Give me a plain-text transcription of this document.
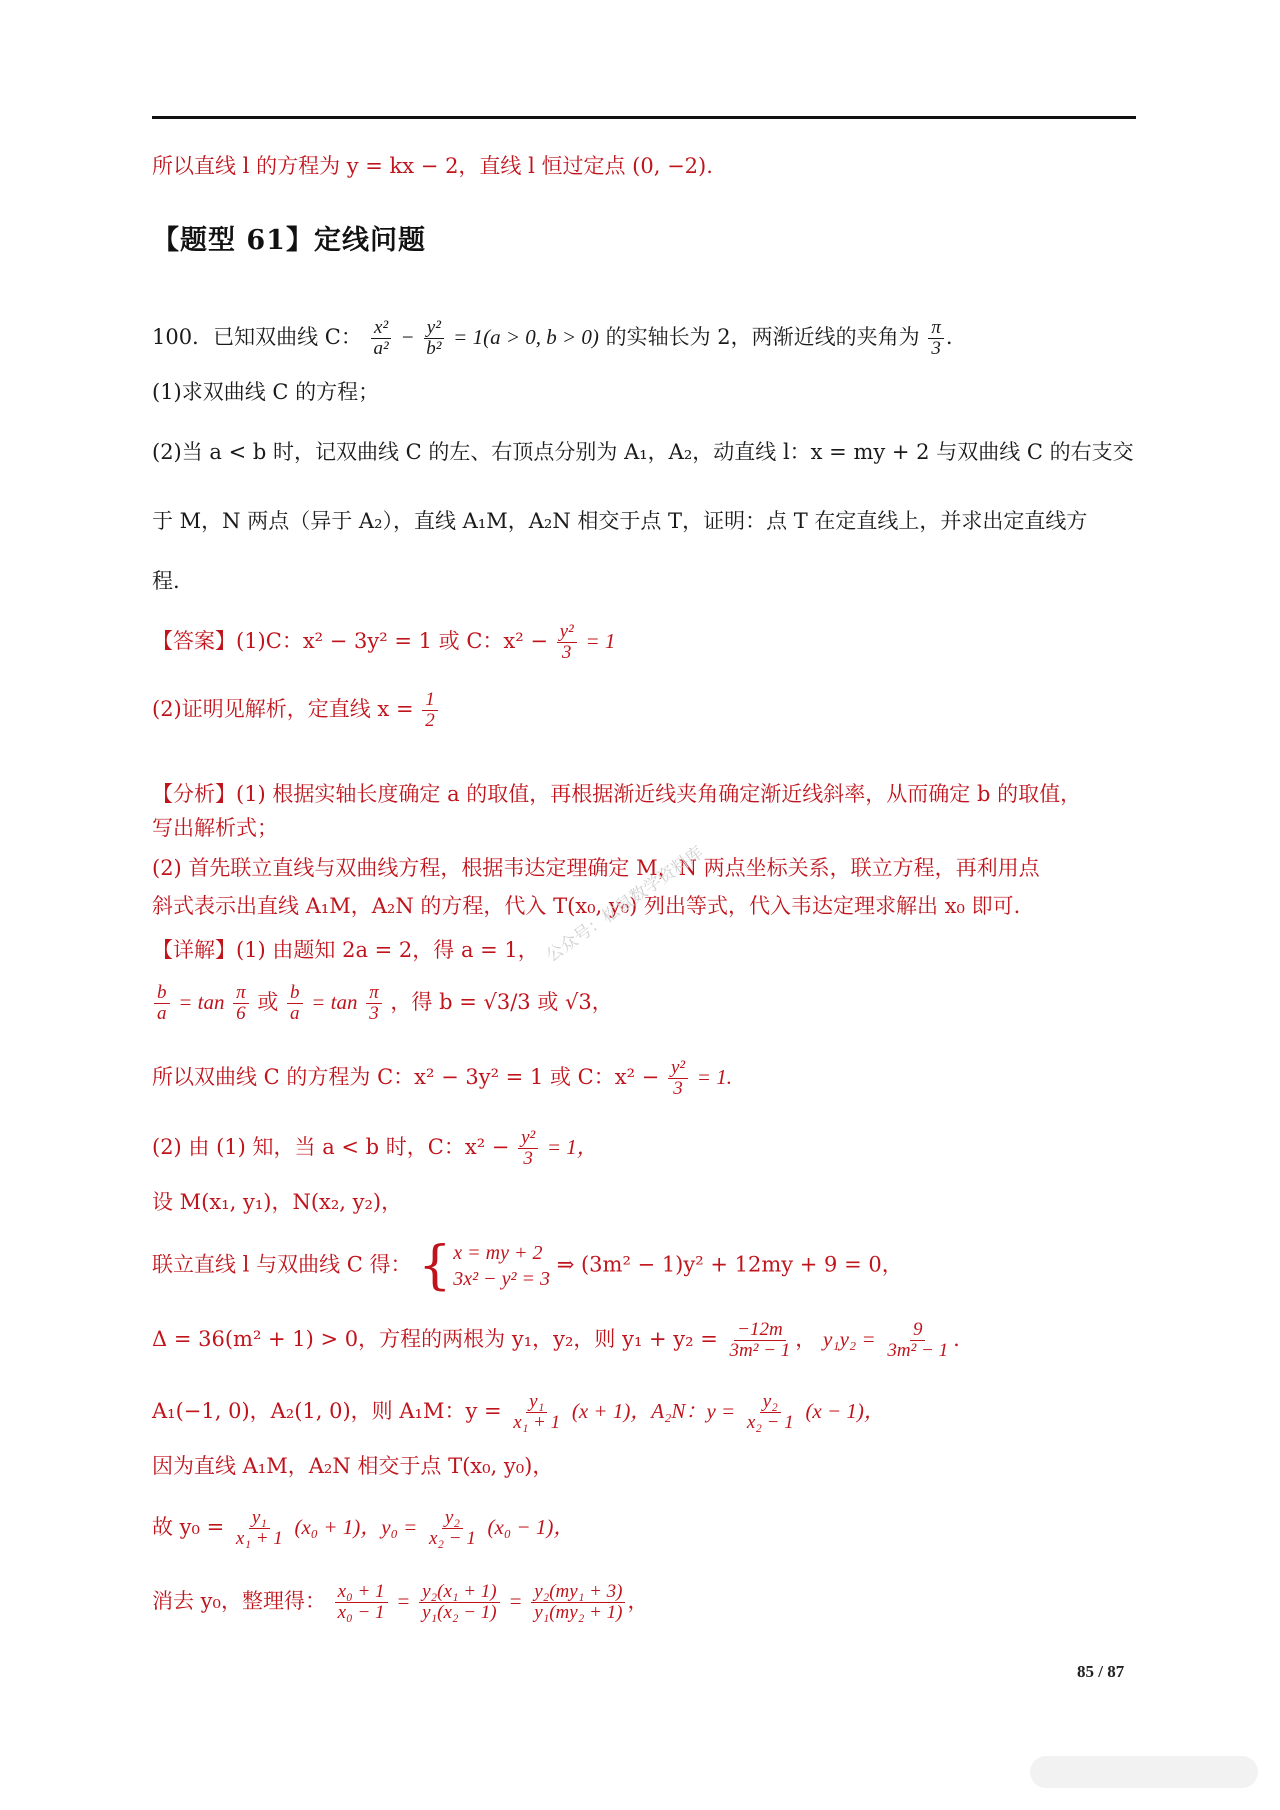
所以直线 l 的方程为 y = kx − 2，直线 l 恒过定点 (0, −2).
【题型 61】定线问题
100．已知双曲线 C： $\frac{\text{x²}}{\text{a²}} - \frac{\text{y²}}{\text{b²}} = 1(a > 0$, b > 0) 的实轴长为 2，两渐近线的夹角为 $\frac{\pi}{3}$ .
(1)求双曲线 C 的方程；
(2)当 a < b 时，记双曲线 C 的左、右顶点分别为 A₁，A₂，动直线 l：x = my + 2 与双曲线 C 的右支交
于 M，N 两点（异于 A₂），直线 A₁M，A₂N 相交于点 T，证明：点 T 在定直线上，并求出定直线方
程.
【答案】(1)C：x² − 3y² = 1 或 C：$x^2 - \frac{\text{y²}}{3} = 1$
(2)证明见解析，定直线 $x = \frac{1}{2}$
【分析】(1) 根据实轴长度确定 a 的取值，再根据渐近线夹角确定渐近线斜率，从而确定 b 的取值，
写出解析式；
(2) 首先联立直线与双曲线方程，根据韦达定理确定 M，N 两点坐标关系，联立方程，再利用点
斜式表示出直线 A₁M，A₂N 的方程，代入 T(x₀, y₀) 列出等式，代入韦达定理求解出 x₀ 即可.
【详解】(1) 由题知 2a = 2，得 a = 1，
$\frac{b}{a} = \tan \frac{\pi}{6}$ 或 $\frac{b}{a} = \tan \frac{\pi}{3}$ ，得 b = √3/3 或 √3，
所以双曲线 C 的方程为 C：x² − 3y² = 1 或 C：$x^2 - \frac{\text{y²}}{3} = 1$.
(2) 由 (1) 知，当 a < b 时，C：$x^2 - \frac{\text{y²}}{3} = 1$，
设 M(x₁, y₁)，N(x₂, y₂)，
联立直线 l 与双曲线 C 得： { x = my + 2
3x² − y² = 3
⇒ (3m² − 1)y² + 12my + 9 = 0，
Δ = 36(m² + 1) > 0，方程的两根为 y₁，y₂，则 $y_1 + y_2 = \frac{-12m}{\text{3m² − 1}}$ ， $y_1y_2 = \frac{9}{\text{3m² − 1}}$ .
A₁(−1, 0)，A₂(1, 0)，则 A₁M：$y = \frac{\text{y₁}}{\text{x₁ + 1}} (x + 1)$，A₂N：$y = \frac{\text{y₂}}{\text{x₂ − 1}} (x - 1)$，
因为直线 A₁M，A₂N 相交于点 T(x₀, y₀)，
故 $y_0 = \frac{\text{y₁}}{\text{x₁ + 1}} (x_0 + 1)$，$y_0 = \frac{\text{y₂}}{\text{x₂ − 1}} (x_0 - 1)$，
消去 y₀，整理得： $\frac{\text{x₀ + 1}}{\text{x₀ − 1}} = \frac{\text{y₂(x₁ + 1)}}{\text{y₁(x₂ − 1)}} = \frac{\text{y₂(my₁ + 3)}}{\text{y₁(my₂ + 1)}}$ ，
公众号：松鼠数学资料库
85 / 87
